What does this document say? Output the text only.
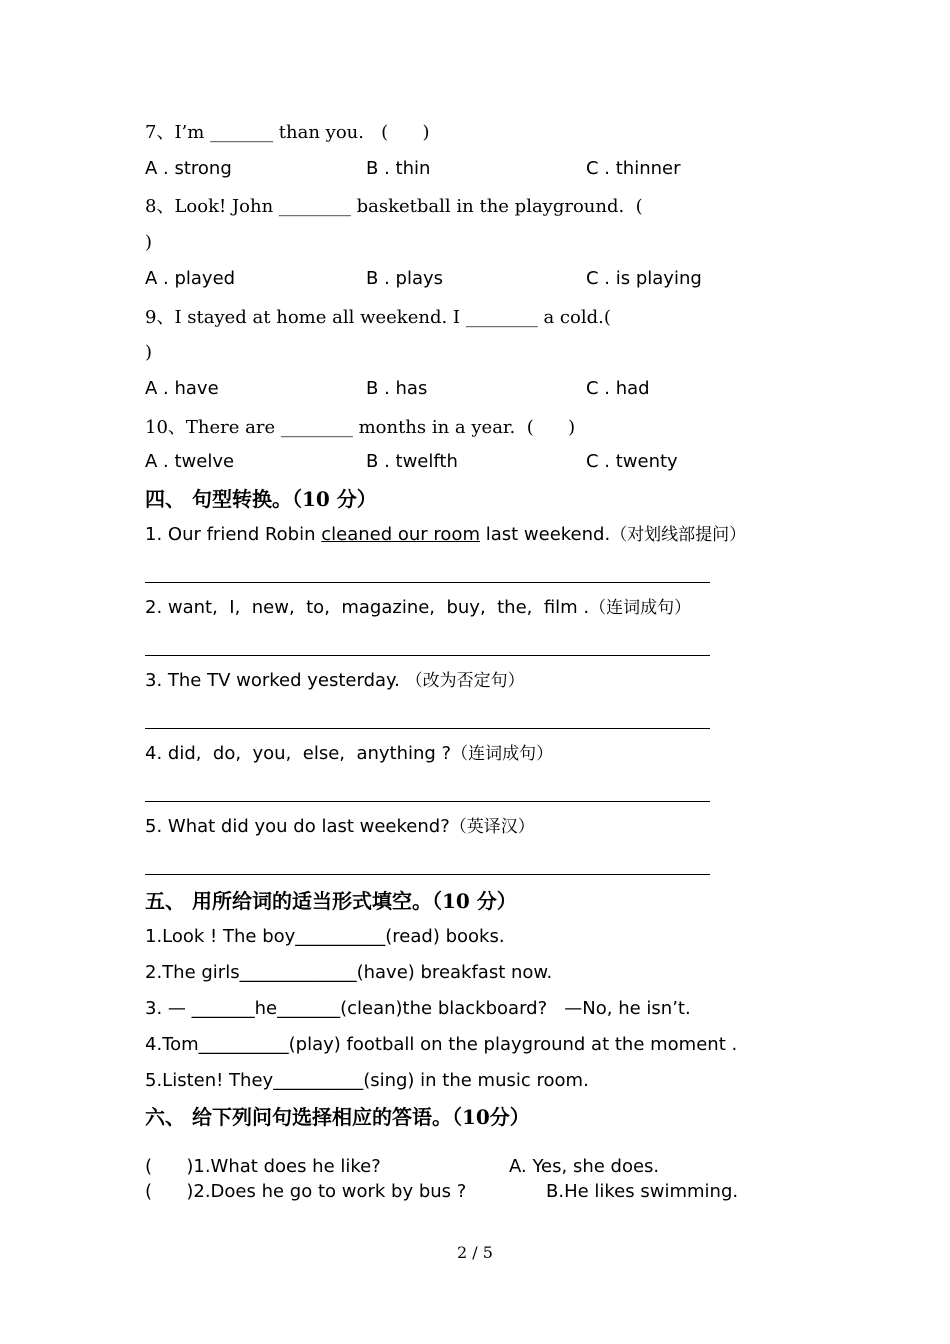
7、I’m _______ than you.   (      )
A . strong	B . thin	C . thinner
8、Look! John ________ basketball in the playground.  (
)
A . played	B . plays	C . is playing
9、I stayed at home all weekend. I ________ a cold.(
)
A . have	B . has	C . had
10、There are ________ months in a year.  (      )
A . twelve	B . twelfth	C . twenty
四、 句型转换。（10 分）
1. Our friend Robin cleaned our room last weekend.（对划线部提问）
2. want,  I,  new,  to,  magazine,  buy,  the,  film .（连词成句）
3. The TV worked yesterday. （改为否定句）
4. did,  do,  you,  else,  anything ?（连词成句）
5. What did you do last weekend?（英译汉）
五、 用所给词的适当形式填空。（10 分）
1.Look ! The boy__________(read) books.
2.The girls_____________(have) breakfast now.
3. — _______he_______(clean)the blackboard?   —No, he isn’t.
4.Tom__________(play) football on the playground at the moment .
5.Listen! They__________(sing) in the music room.
六、 给下列问句选择相应的答语。（10分）
(      )1.What does he like?	A. Yes, she does.
(      )2.Does he go to work by bus ?	B.He likes swimming.
2 / 5
